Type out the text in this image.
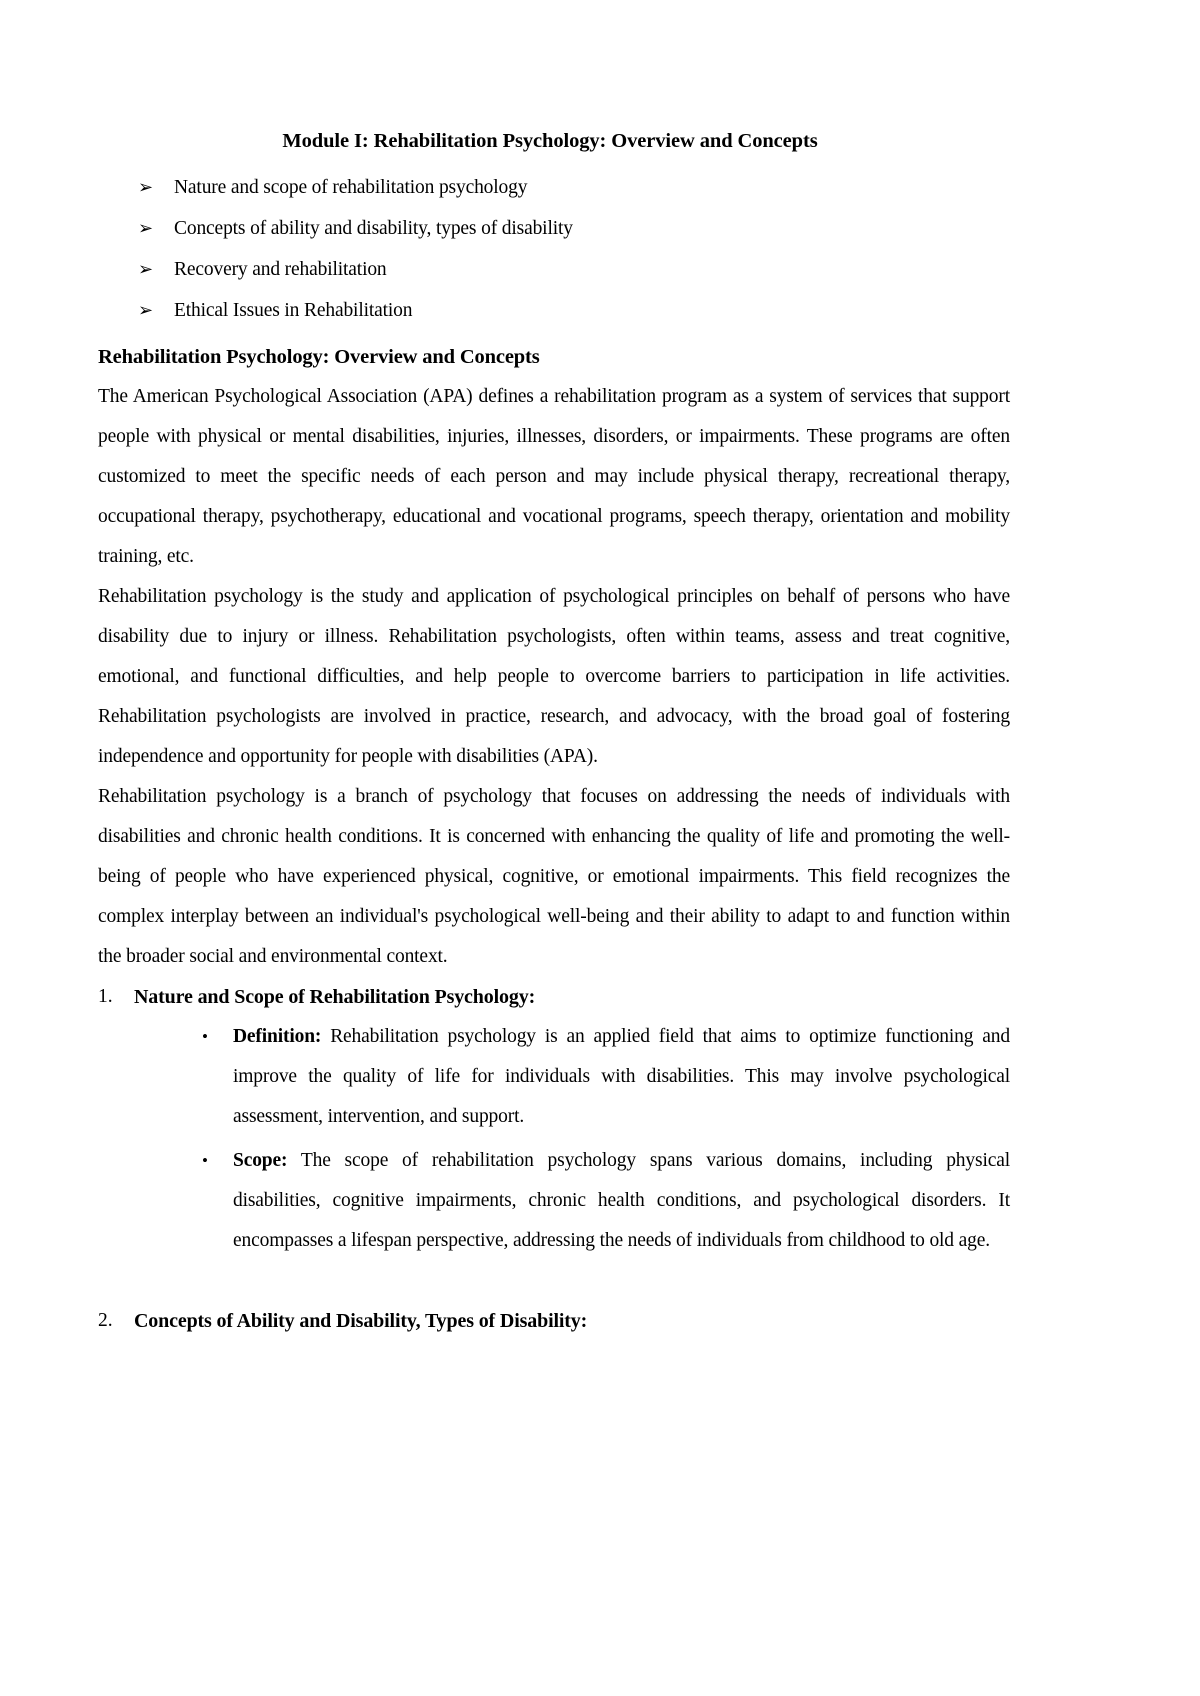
Module I: Rehabilitation Psychology: Overview and Concepts
➢ Nature and scope of rehabilitation psychology
➢ Concepts of ability and disability, types of disability
➢ Recovery and rehabilitation
➢ Ethical Issues in Rehabilitation
Rehabilitation Psychology: Overview and Concepts

The American Psychological Association (APA) defines a rehabilitation program as a system of services that support people with physical or mental disabilities, injuries, illnesses, disorders, or impairments. These programs are often customized to meet the specific needs of each person and may include physical therapy, recreational therapy, occupational therapy, psychotherapy, educational and vocational programs, speech therapy, orientation and mobility training, etc.

Rehabilitation psychology is the study and application of psychological principles on behalf of persons who have disability due to injury or illness. Rehabilitation psychologists, often within teams, assess and treat cognitive, emotional, and functional difficulties, and help people to overcome barriers to participation in life activities. Rehabilitation psychologists are involved in practice, research, and advocacy, with the broad goal of fostering independence and opportunity for people with disabilities (APA).

Rehabilitation psychology is a branch of psychology that focuses on addressing the needs of individuals with disabilities and chronic health conditions. It is concerned with enhancing the quality of life and promoting the well-being of people who have experienced physical, cognitive, or emotional impairments. This field recognizes the complex interplay between an individual's psychological well-being and their ability to adapt to and function within the broader social and environmental context.

1. Nature and Scope of Rehabilitation Psychology:
• Definition: Rehabilitation psychology is an applied field that aims to optimize functioning and improve the quality of life for individuals with disabilities. This may involve psychological assessment, intervention, and support.
• Scope: The scope of rehabilitation psychology spans various domains, including physical disabilities, cognitive impairments, chronic health conditions, and psychological disorders. It encompasses a lifespan perspective, addressing the needs of individuals from childhood to old age.
2. Concepts of Ability and Disability, Types of Disability:
